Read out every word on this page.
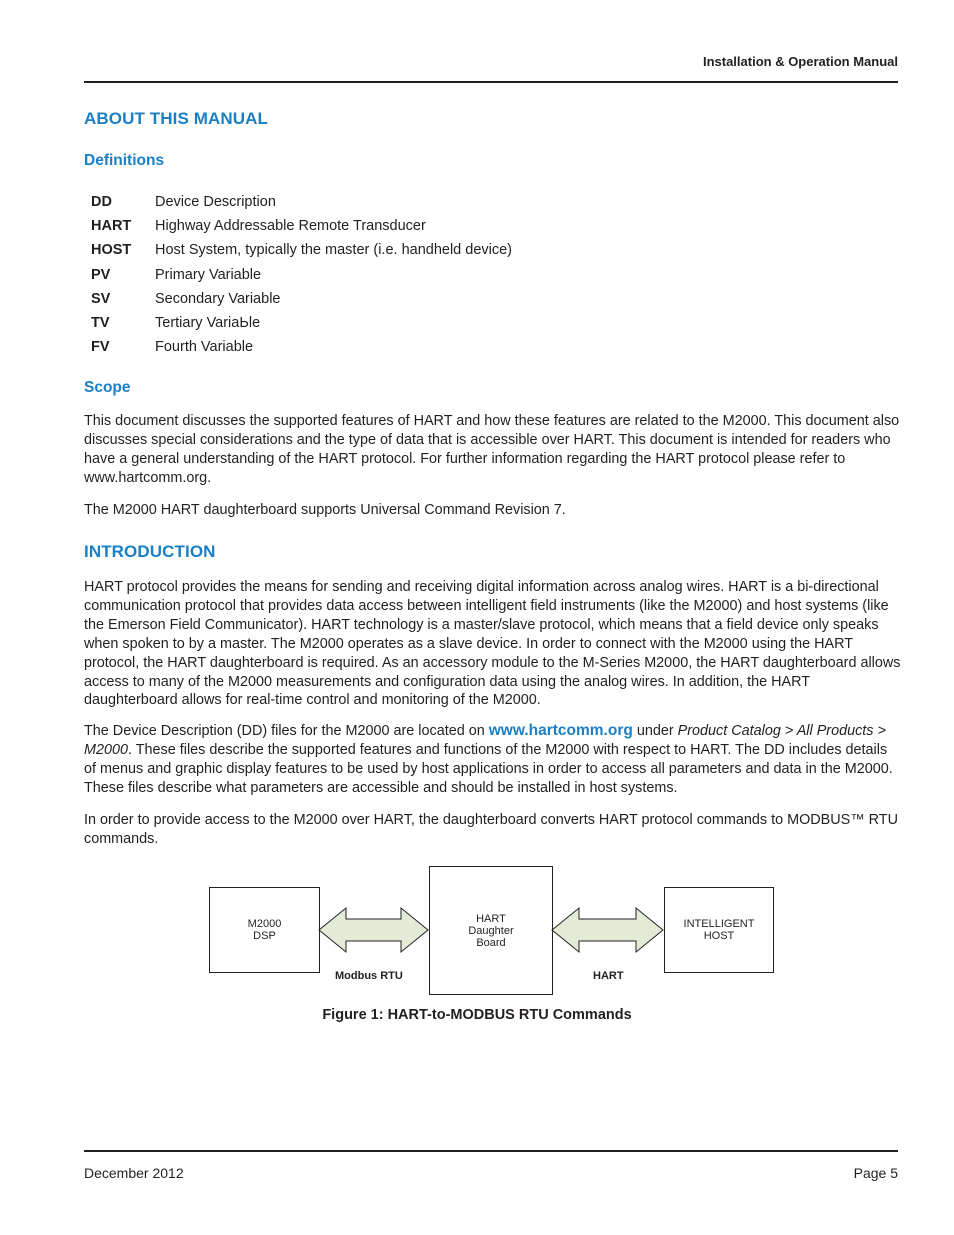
Installation & Operation Manual
ABOUT THIS MANUAL
Definitions
DD	Device Description
HART	Highway Addressable Remote Transducer
HOST	Host System, typically the master (i.e. handheld device)
PV	Primary Variable
SV	Secondary Variable
TV	Tertiary VariaЬle
FV	Fourth Variable
Scope

This document discusses the supported features of HART and how these features are related to the M2000. This document also discusses special considerations and the type of data that is accessible over HART. This document is intended for readers who have a general understanding of the HART protocol. For further information regarding the HART protocol please refer to www.hartcomm.org.

The M2000 HART daughterboard supports Universal Command Revision 7.

INTRODUCTION

HART protocol provides the means for sending and receiving digital information across analog wires. HART is a bi-directional communication protocol that provides data access between intelligent field instruments (like the M2000) and host systems (like the Emerson Field Communicator). HART technology is a master/slave protocol, which means that a field device only speaks when spoken to by a master. The M2000 operates as a slave device. In order to connect with the M2000 using the HART protocol, the HART daughterboard is required. As an accessory module to the M-Series M2000, the HART daughterboard allows access to many of the M2000 measurements and configuration data using the analog wires. In addition, the HART daughterboard allows for real-time control and monitoring of the M2000.

The Device Description (DD) files for the M2000 are located on www.hartcomm.org under Product Catalog > All Products > M2000. These files describe the supported features and functions of the M2000 with respect to HART. The DD includes details of menus and graphic display features to be used by host applications in order to access all parameters and data in the M2000. These files describe what parameters are accessible and should be installed in host systems.

In order to provide access to the M2000 over HART, the daughterboard converts HART protocol commands to MODBUS™ RTU commands.

M2000
DSP
HART
Daughter
Board
INTELLIGENT
HOST
Modbus RTU	HART
Figure 1: HART-to-MODBUS RTU Commands
December 2012	Page 5
